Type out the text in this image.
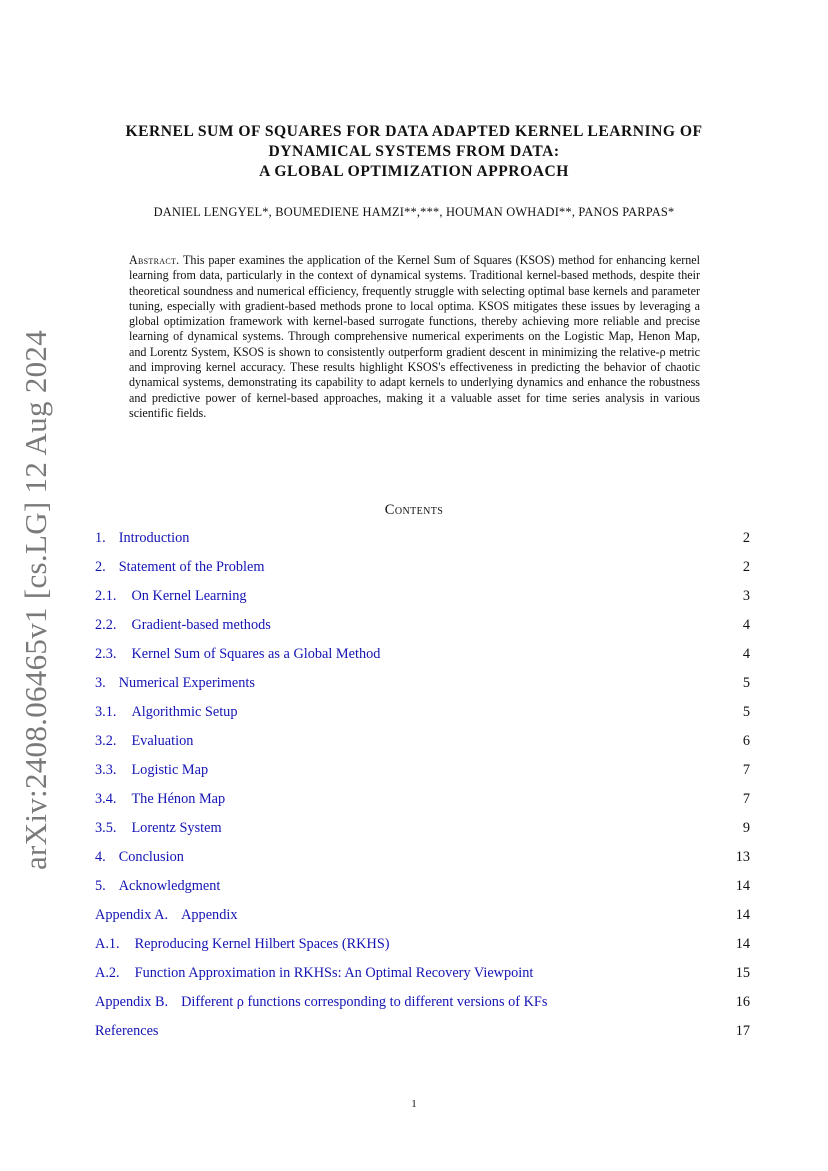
arXiv:2408.06465v1 [cs.LG] 12 Aug 2024
KERNEL SUM OF SQUARES FOR DATA ADAPTED KERNEL LEARNING OF
DYNAMICAL SYSTEMS FROM DATA:
A GLOBAL OPTIMIZATION APPROACH
DANIEL LENGYEL*, BOUMEDIENE HAMZI**,***, HOUMAN OWHADI**, PANOS PARPAS*
Abstract. This paper examines the application of the Kernel Sum of Squares (KSOS) method for enhancing kernel learning from data, particularly in the context of dynamical systems. Traditional kernel-based methods, despite their theoretical soundness and numerical efficiency, frequently struggle with selecting optimal base kernels and parameter tuning, especially with gradient-based methods prone to local optima. KSOS mitigates these issues by leveraging a global optimization framework with kernel-based surrogate functions, thereby achieving more reliable and precise learning of dynamical systems. Through comprehensive numerical experiments on the Logistic Map, Henon Map, and Lorentz System, KSOS is shown to consistently outperform gradient descent in minimizing the relative-ρ metric and improving kernel accuracy. These results highlight KSOS's effectiveness in predicting the behavior of chaotic dynamical systems, demonstrating its capability to adapt kernels to underlying dynamics and enhance the robustness and predictive power of kernel-based approaches, making it a valuable asset for time series analysis in various scientific fields.
Contents
1. Introduction	2
2. Statement of the Problem	2
2.1. On Kernel Learning	3
2.2. Gradient-based methods	4
2.3. Kernel Sum of Squares as a Global Method	4
3. Numerical Experiments	5
3.1. Algorithmic Setup	5
3.2. Evaluation	6
3.3. Logistic Map	7
3.4. The Hénon Map	7
3.5. Lorentz System	9
4. Conclusion	13
5. Acknowledgment	14
Appendix A. Appendix	14
A.1. Reproducing Kernel Hilbert Spaces (RKHS)	14
A.2. Function Approximation in RKHSs: An Optimal Recovery Viewpoint	15
Appendix B. Different ρ functions corresponding to different versions of KFs	16
References	17
1
